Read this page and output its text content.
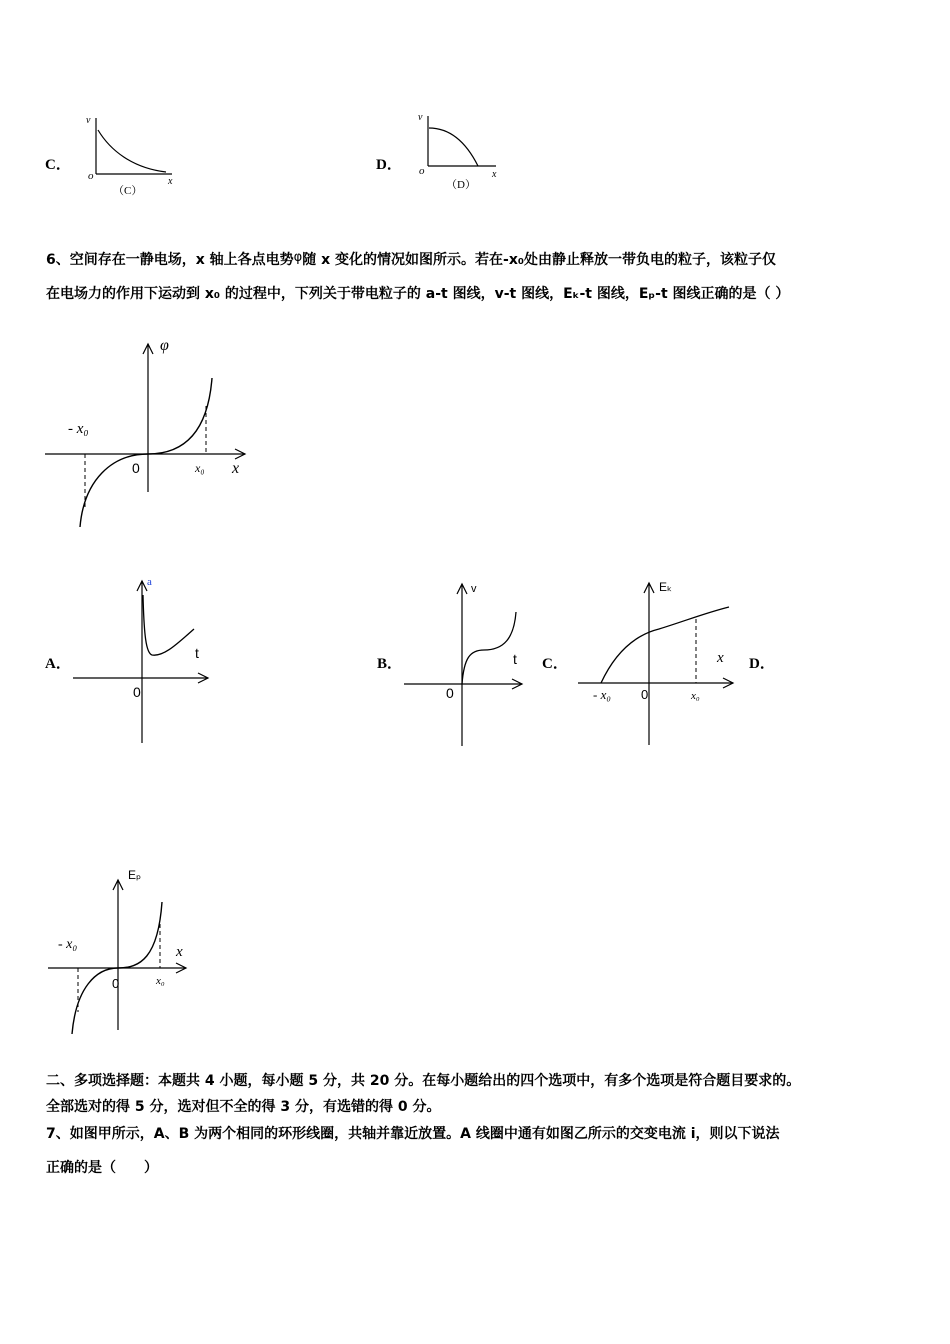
C．
v
x
o
（C）
D．
v
x
o
（D）
6、空间存在一静电场，x 轴上各点电势φ随 x 变化的情况如图所示。若在-x₀处由静止释放一带负电的粒子，该粒子仅
在电场力的作用下运动到 x₀ 的过程中，下列关于带电粒子的 a-t 图线，v-t 图线，Eₖ-t 图线，Eₚ-t 图线正确的是（ ）
φ
x
0
- x₀
x₀
A．
a
t
0
B．
v
t
0
C．
Eₖ
x
0
- x₀	x₀
D．
Eₚ
x
0
- x₀
x₀
二、多项选择题：本题共 4 小题，每小题 5 分，共 20 分。在每小题给出的四个选项中，有多个选项是符合题目要求的。
全部选对的得 5 分，选对但不全的得 3 分，有选错的得 0 分。
7、如图甲所示，A、B 为两个相同的环形线圈，共轴并靠近放置。A 线圈中通有如图乙所示的交变电流 i，则以下说法
正确的是（　　）
